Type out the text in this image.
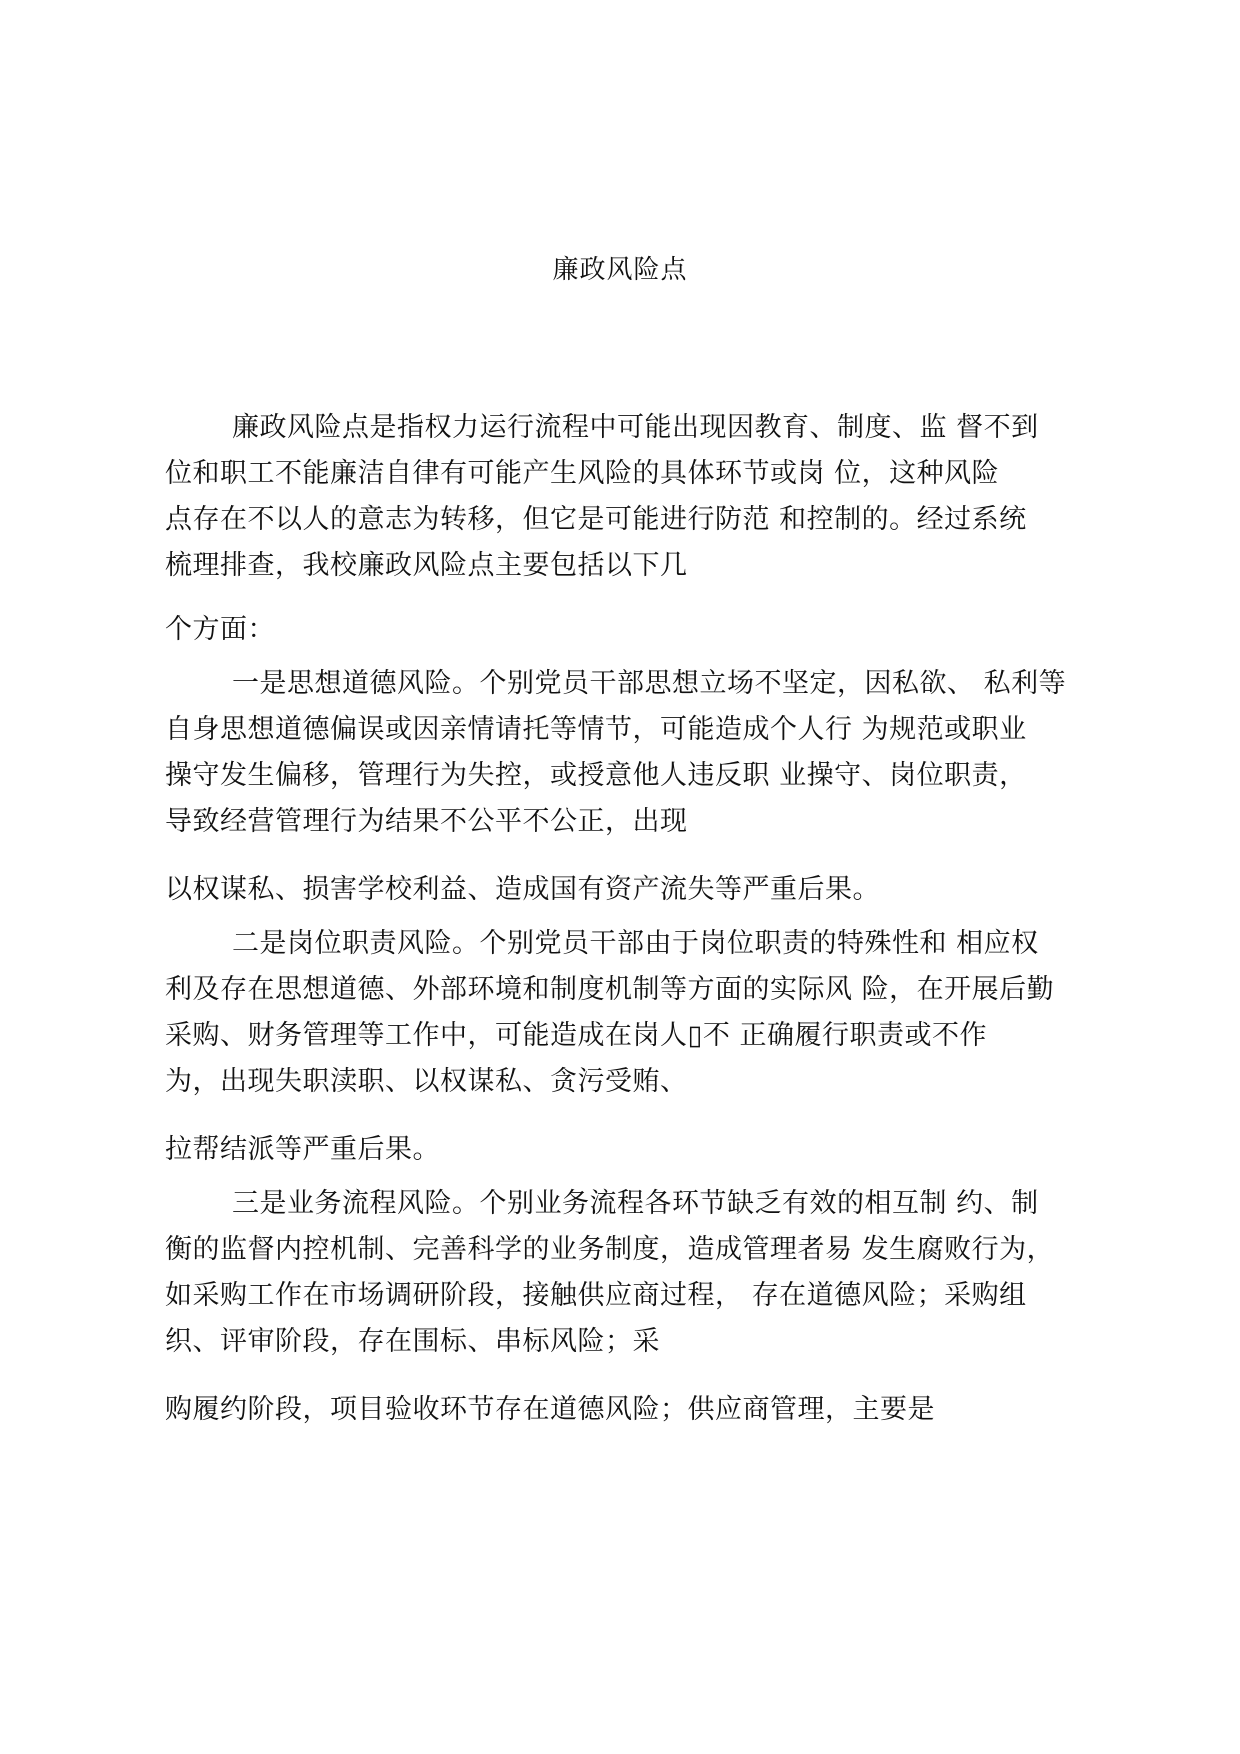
廉政风险点
廉政风险点是指权力运行流程中可能出现因教育、制度、监 督不到
位和职工不能廉洁自律有可能产生风险的具体环节或岗 位，这种风险
点存在不以人的意志为转移，但它是可能进行防范 和控制的。经过系统
梳理排查，我校廉政风险点主要包括以下几
个方面：
一是思想道德风险。个别党员干部思想立场不坚定，因私欲、 私利等
自身思想道德偏误或因亲情请托等情节，可能造成个人行 为规范或职业
操守发生偏移，管理行为失控，或授意他人违反职 业操守、岗位职责，
导致经营管理行为结果不公平不公正，出现
以权谋私、损害学校利益、造成国有资产流失等严重后果。
二是岗位职责风险。个别党员干部由于岗位职责的特殊性和 相应权
利及存在思想道德、外部环境和制度机制等方面的实际风 险，在开展后勤
采购、财务管理等工作中，可能造成在岗人▯不 正确履行职责或不作
为，出现失职渎职、以权谋私、贪污受贿、
拉帮结派等严重后果。
三是业务流程风险。个别业务流程各环节缺乏有效的相互制 约、制
衡的监督内控机制、完善科学的业务制度，造成管理者易 发生腐败行为，
如采购工作在市场调研阶段，接触供应商过程， 存在道德风险；采购组
织、评审阶段，存在围标、串标风险；采
购履约阶段，项目验收环节存在道德风险；供应商管理，主要是
